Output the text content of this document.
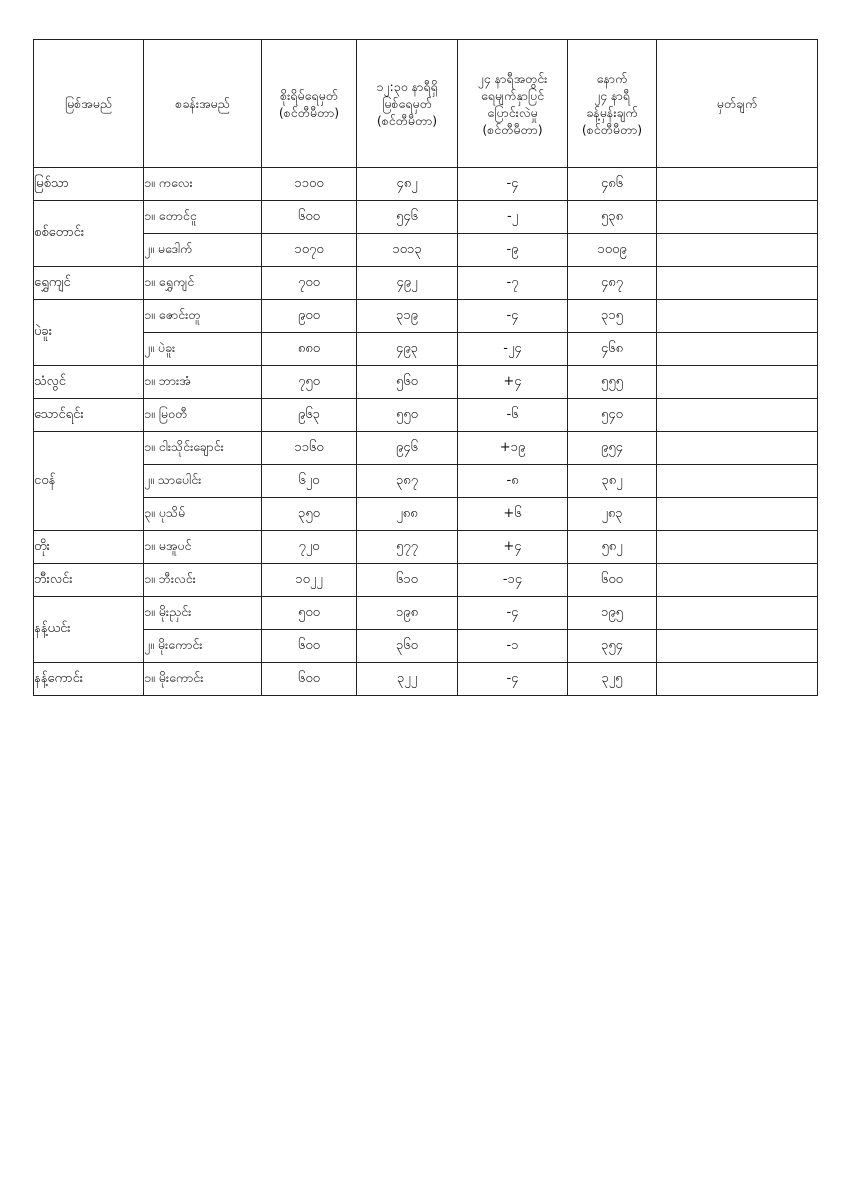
မြစ်အမည်	စခန်းအမည်	စိုးရိမ်ရေမှတ်
(စင်တီမီတာ)	၁၂:၃၀ နာရီရှိ
မြစ်ရေမှတ်
(စင်တီမီတာ)	၂၄ နာရီအတွင်း
ရေမျက်နှာပြင်
ပြောင်းလဲမှု
(စင်တီမီတာ)	နောက်
၂၄ နာရီ
ခန့်မှန်းချက်
(စင်တီမီတာ)	မှတ်ချက်
မြစ်သာ	၁။ ကလေး	၁၁၀၀	၄၈၂	-၄	၄၈၆	
စစ်တောင်း	၁။ တောင်ငူ	၆၀၀	၅၄၆	-၂	၅၃၈	
	၂။ မဒေါက်	၁၀၇၀	၁၀၁၃	-၉	၁၀၀၉	
ရွှေကျင်	၁။ ရွှေကျင်	၇၀၀	၄၉၂	-၇	၄၈၇	
ပဲခူး	၁။ ဇောင်းတူ	၉၀၀	၃၁၉	-၄	၃၁၅	
	၂။ ပဲခူး	၈၈၀	၄၉၃	-၂၄	၄၆၈	
သံလွင်	၁။ ဘားအံ	၇၅၀	၅၆၀	+၄	၅၅၅	
သောင်ရင်း	၁။ မြဝတီ	၉၆၃	၅၅၀	-၆	၅၄၀	
ငဝန်	၁။ ငါးသိုင်းချောင်း	၁၁၆၀	၉၄၆	+၁၉	၉၅၄	
	၂။ သာပေါင်း	၆၂၀	၃၈၇	-၈	၃၈၂	
	၃။ ပုသိမ်	၃၅၀	၂၈၈	+၆	၂၈၃	
တိုး	၁။ မအူပင်	၇၂၀	၅၇၇	+၄	၅၈၂	
ဘီးလင်း	၁။ ဘီးလင်း	၁၀၂၂	၆၁၀	-၁၄	၆၀၀	
နန့်ယင်း	၁။ မိုးညှင်း	၅၀၀	၁၉၈	-၄	၁၉၅	
	၂။ မိုးကောင်း	၆၀၀	၃၆၀	-၁	၃၅၄	
နန့်ကောင်း	၁။ မိုးကောင်း	၆၀၀	၃၂၂	-၄	၃၂၅	
